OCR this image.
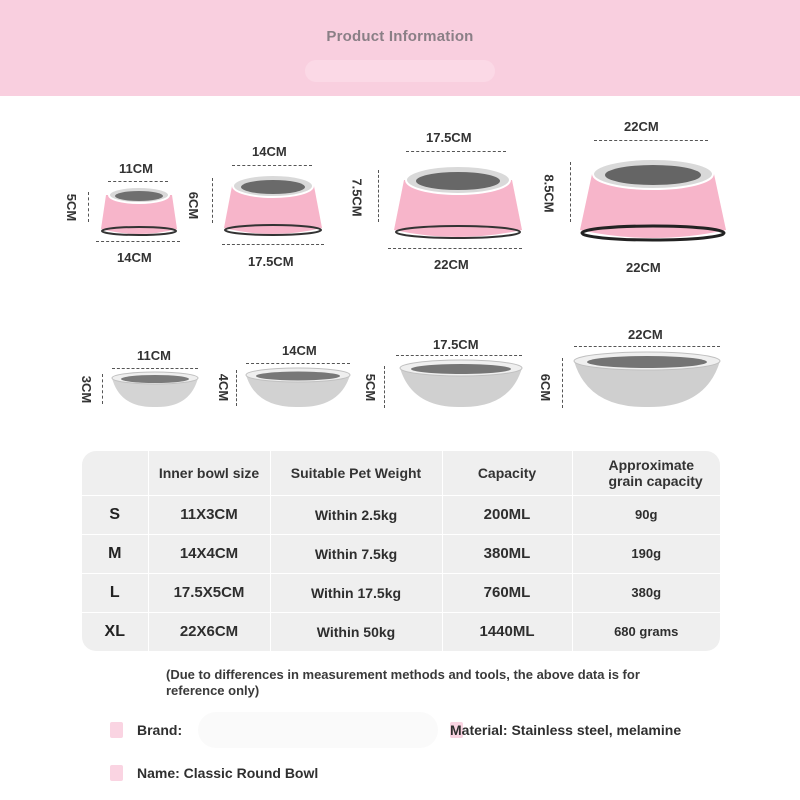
Product Information
11CM
5CM
14CM
14CM
6CM
17.5CM
17.5CM
7.5CM
22CM
22CM
8.5CM
22CM
11CM
3CM
14CM
4CM
17.5CM
5CM
22CM
6CM
	Inner bowl size	Suitable Pet Weight	Capacity	Approximate grain capacity
S	11X3CM	Within 2.5kg	200ML	90g
M	14X4CM	Within 7.5kg	380ML	190g
L	17.5X5CM	Within 17.5kg	760ML	380g
XL	22X6CM	Within 50kg	1440ML	680 grams
(Due to differences in measurement methods and tools, the above data is for reference only)
Brand:	Material: Stainless steel, melamine
Name: Classic Round Bowl
